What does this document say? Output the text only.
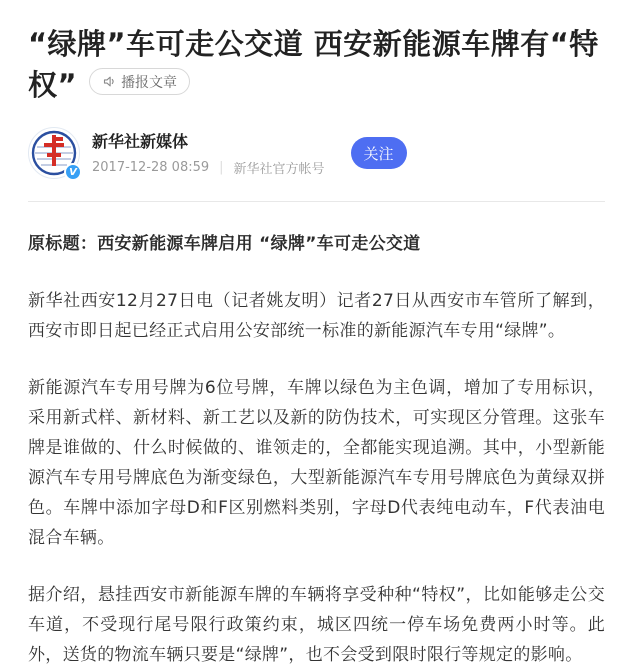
“绿牌”车可走公交道 西安新能源车牌有“特权”	播报文章
V
新华社新媒体
2017-12-28 08:59 | 新华社官方帐号
关注

原标题：西安新能源车牌启用 “绿牌”车可走公交道

新华社西安12月27日电（记者姚友明）记者27日从西安市车管所了解到，西安市即日起已经正式启用公安部统一标准的新能源汽车专用“绿牌”。

新能源汽车专用号牌为6位号牌，车牌以绿色为主色调，增加了专用标识，采用新式样、新材料、新工艺以及新的防伪技术，可实现区分管理。这张车牌是谁做的、什么时候做的、谁领走的，全都能实现追溯。其中，小型新能源汽车专用号牌底色为渐变绿色，大型新能源汽车专用号牌底色为黄绿双拼色。车牌中添加字母D和F区别燃料类别，字母D代表纯电动车，F代表油电混合车辆。

据介绍，悬挂西安市新能源车牌的车辆将享受种种“特权”，比如能够走公交车道，不受现行尾号限行政策约束，城区四统一停车场免费两小时等。此外，送货的物流车辆只要是“绿牌”，也不会受到限时限行等规定的影响。
